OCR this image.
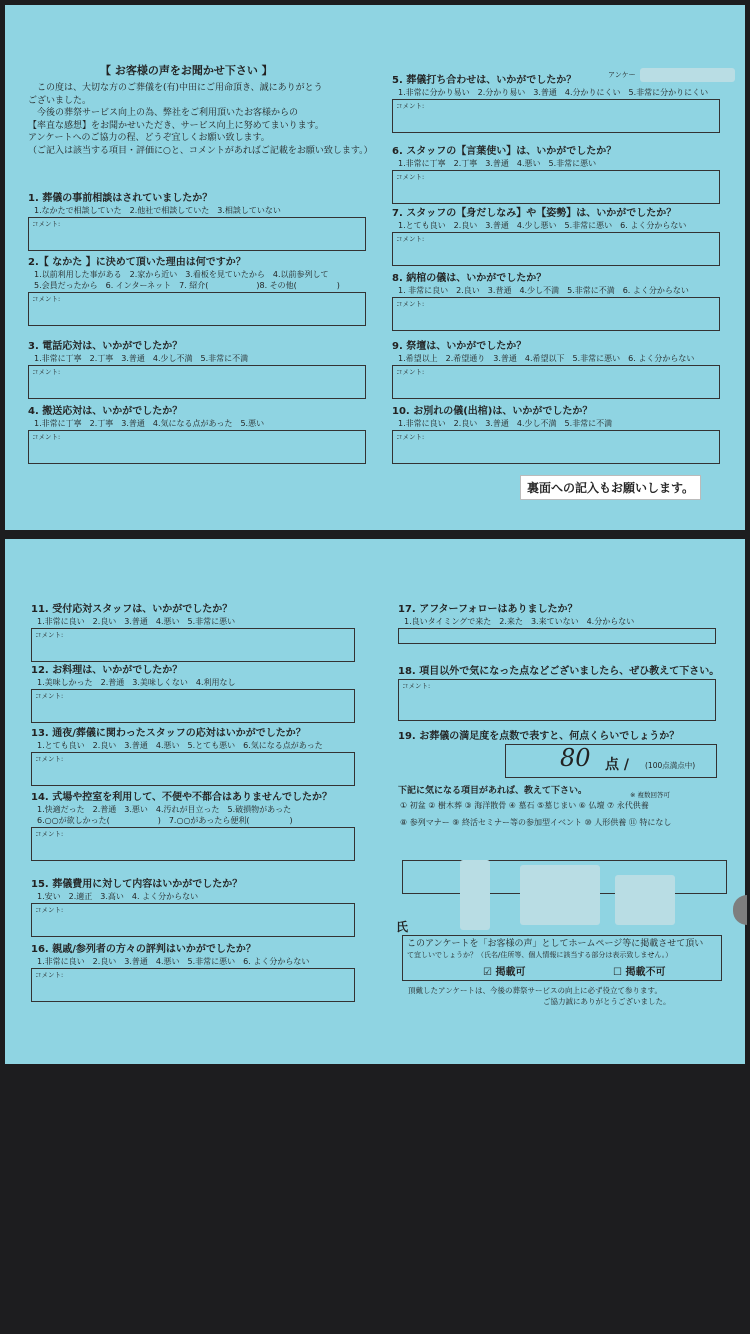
【 お客様の声をお聞かせ下さい 】
　この度は、大切な方のご葬儀を(有)中田にご用命頂き、誠にありがとう
ございました。
　今後の葬祭サービス向上の為、弊社をご利用頂いたお客様からの
【率直な感想】をお聞かせいただき、サービス向上に努めてまいります。
アンケートへのご協力の程、どうぞ宜しくお願い致します。
（ご記入は該当する項目・評価に○と、コメントがあればご記載をお願い致します。）
アンケー
1. 葬儀の事前相談はされていましたか？
1.なかたで相談していた　2.他社で相談していた　3.相談していない
コメント:
2.【 なかた 】に決めて頂いた理由は何ですか？
1.以前利用した事がある　2.家から近い　3.看板を見ていたから　4.以前参列して
5.会員だったから　6. インターネット　7. 紹介(　　　　　　)8. その他(　　　　　)
コメント:
3. 電話応対は、いかがでしたか？
1.非常に丁寧　2.丁寧　3.普通　4.少し不満　5.非常に不満
コメント:
4. 搬送応対は、いかがでしたか？
1.非常に丁寧　2.丁寧　3.普通　4.気になる点があった　5.悪い
コメント:
5. 葬儀打ち合わせは、いかがでしたか？
1.非常に分かり易い　2.分かり易い　3.普通　4.分かりにくい　5.非常に分かりにくい
コメント:
6. スタッフの【言葉使い】は、いかがでしたか？
1.非常に丁寧　2.丁寧　3.普通　4.悪い　5.非常に悪い
コメント:
7. スタッフの【身だしなみ】や【姿勢】は、いかがでしたか？
1.とても良い　2.良い　3.普通　4.少し悪い　5.非常に悪い　6. よく分からない
コメント:
8. 納棺の儀は、いかがでしたか？
1. 非常に良い　2.良い　3.普通　4.少し不満　5.非常に不満　6. よく分からない
コメント:
9. 祭壇は、いかがでしたか？
1.希望以上　2.希望通り　3.普通　4.希望以下　5.非常に悪い　6. よく分からない
コメント:
10. お別れの儀(出棺)は、いかがでしたか？
1.非常に良い　2.良い　3.普通　4.少し不満　5.非常に不満
コメント:
裏面への記入もお願いします。
11. 受付応対スタッフは、いかがでしたか？
1.非常に良い　2.良い　3.普通　4.悪い　5.非常に悪い
コメント:
12. お料理は、いかがでしたか？
1.美味しかった　2.普通　3.美味しくない　4.利用なし
コメント:
13. 通夜/葬儀に関わったスタッフの応対はいかがでしたか？
1.とても良い　2.良い　3.普通　4.悪い　5.とても悪い　6.気になる点があった
コメント:
14. 式場や控室を利用して、不便や不都合はありませんでしたか？
1.快適だった　2.普通　3.悪い　4.汚れが目立った　5.破損物があった
6.○○が欲しかった(　　　　　　)　7.○○があったら便利(　　　　　)
コメント:
15. 葬儀費用に対して内容はいかがでしたか？
1.安い　2.適正　3.高い　4. よく分からない
コメント:
16. 親戚/参列者の方々の評判はいかがでしたか？
1.非常に良い　2.良い　3.普通　4.悪い　5.非常に悪い　6. よく分からない
コメント:
17. アフターフォローはありましたか？
1.良いタイミングで来た　2.来た　3.来ていない　4.分からない
18. 項目以外で気になった点などございましたら、ぜひ教えて下さい。
コメント:
19. お葬儀の満足度を点数で表すと、何点くらいでしょうか？
80 点 / (100点満点中)
下記に気になる項目があれば、教えて下さい。	※ 複数回答可
① 初盆 ② 樹木葬 ③ 海洋散骨 ④ 墓石 ⑤墓じまい ⑥ 仏壇 ⑦ 永代供養
⑧ 参列マナー ⑨ 終活セミナー等の参加型イベント ⑩ 人形供養 ⑪ 特になし
氏
このアンケートを「お客様の声」としてホームページ等に掲載させて頂い
て宜しいでしょうか？（氏名/住所等、個人情報に該当する部分は表示致しません。）
☑ 掲載可	☐ 掲載不可
頂戴したアンケートは、今後の葬祭サービスの向上に必ず役立て参ります。
　　　　　　　　　　　　　　　　　　ご協力誠にありがとうございました。
